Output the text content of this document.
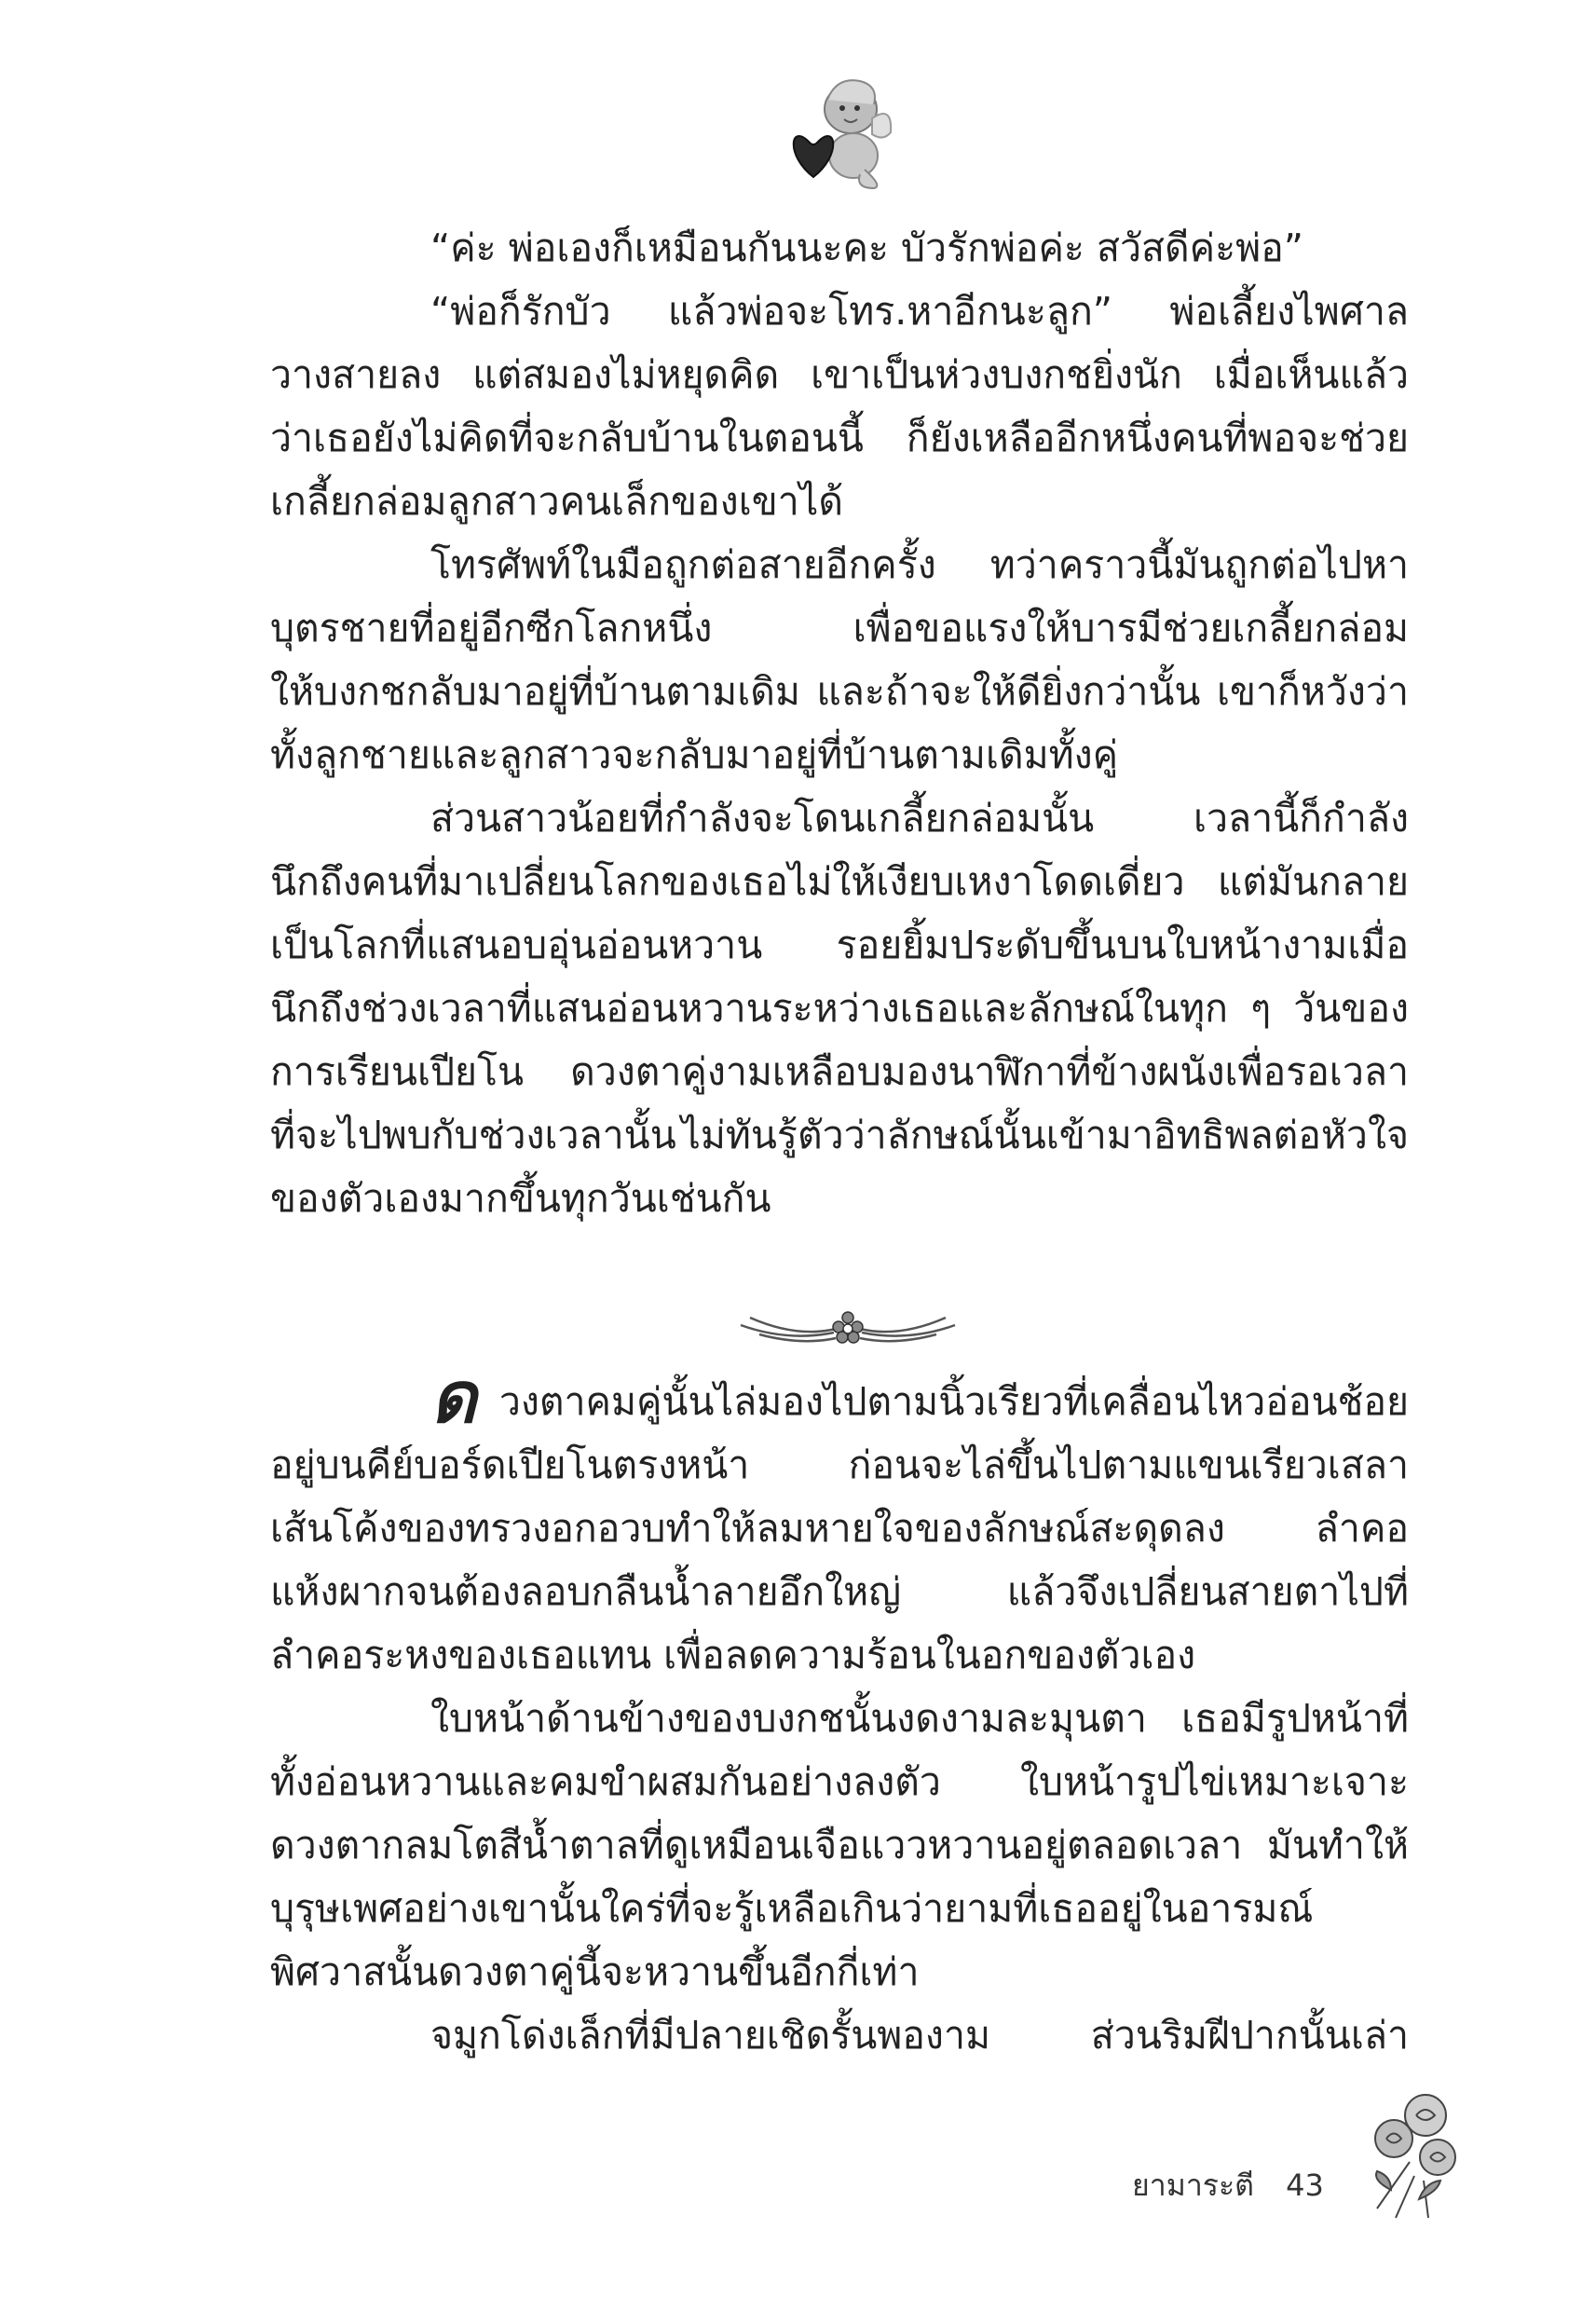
“ค่ะ พ่อเองก็เหมือนกันนะคะ บัวรักพ่อค่ะ สวัสดีค่ะพ่อ”
“พ่อก็รักบัว แล้วพ่อจะโทร.หาอีกนะลูก” พ่อเลี้ยงไพศาล
วางสายลง แต่สมองไม่หยุดคิด เขาเป็นห่วงบงกชยิ่งนัก เมื่อเห็นแล้ว
ว่าเธอยังไม่คิดที่จะกลับบ้านในตอนนี้ ก็ยังเหลืออีกหนึ่งคนที่พอจะช่วย
เกลี้ยกล่อมลูกสาวคนเล็กของเขาได้
โทรศัพท์ในมือถูกต่อสายอีกครั้ง ทว่าคราวนี้มันถูกต่อไปหา
บุตรชายที่อยู่อีกซีกโลกหนึ่ง	เพื่อขอแรงให้บารมีช่วยเกลี้ยกล่อม
ให้บงกชกลับมาอยู่ที่บ้านตามเดิม และถ้าจะให้ดียิ่งกว่านั้น เขาก็หวังว่า
ทั้งลูกชายและลูกสาวจะกลับมาอยู่ที่บ้านตามเดิมทั้งคู่
ส่วนสาวน้อยที่กำลังจะโดนเกลี้ยกล่อมนั้น	เวลานี้ก็กำลัง
นึกถึงคนที่มาเปลี่ยนโลกของเธอไม่ให้เงียบเหงาโดดเดี่ยว แต่มันกลาย
เป็นโลกที่แสนอบอุ่นอ่อนหวาน รอยยิ้มประดับขึ้นบนใบหน้างามเมื่อ
นึกถึงช่วงเวลาที่แสนอ่อนหวานระหว่างเธอและลักษณ์ในทุก ๆ วันของ
การเรียนเปียโน ดวงตาคู่งามเหลือบมองนาฬิกาที่ข้างผนังเพื่อรอเวลา
ที่จะไปพบกับช่วงเวลานั้น ไม่ทันรู้ตัวว่าลักษณ์นั้นเข้ามาอิทธิพลต่อหัวใจ
ของตัวเองมากขึ้นทุกวันเช่นกัน
ด วงตาคมคู่นั้นไล่มองไปตามนิ้วเรียวที่เคลื่อนไหวอ่อนช้อย
อยู่บนคีย์บอร์ดเปียโนตรงหน้า	ก่อนจะไล่ขึ้นไปตามแขนเรียวเสลา
เส้นโค้งของทรวงอกอวบทำให้ลมหายใจของลักษณ์สะดุดลง ลำคอ
แห้งผากจนต้องลอบกลืนน้ำลายอึกใหญ่	แล้วจึงเปลี่ยนสายตาไปที่
ลำคอระหงของเธอแทน เพื่อลดความร้อนในอกของตัวเอง
ใบหน้าด้านข้างของบงกชนั้นงดงามละมุนตา เธอมีรูปหน้าที่
ทั้งอ่อนหวานและคมขำผสมกันอย่างลงตัว ใบหน้ารูปไข่เหมาะเจาะ
ดวงตากลมโตสีน้ำตาลที่ดูเหมือนเจือแววหวานอยู่ตลอดเวลา มันทำให้
บุรุษเพศอย่างเขานั้นใคร่ที่จะรู้เหลือเกินว่ายามที่เธออยู่ในอารมณ์
พิศวาสนั้นดวงตาคู่นี้จะหวานขึ้นอีกกี่เท่า
จมูกโด่งเล็กที่มีปลายเชิดรั้นพองาม	ส่วนริมฝีปากนั้นเล่า
ยามาระตี 43
